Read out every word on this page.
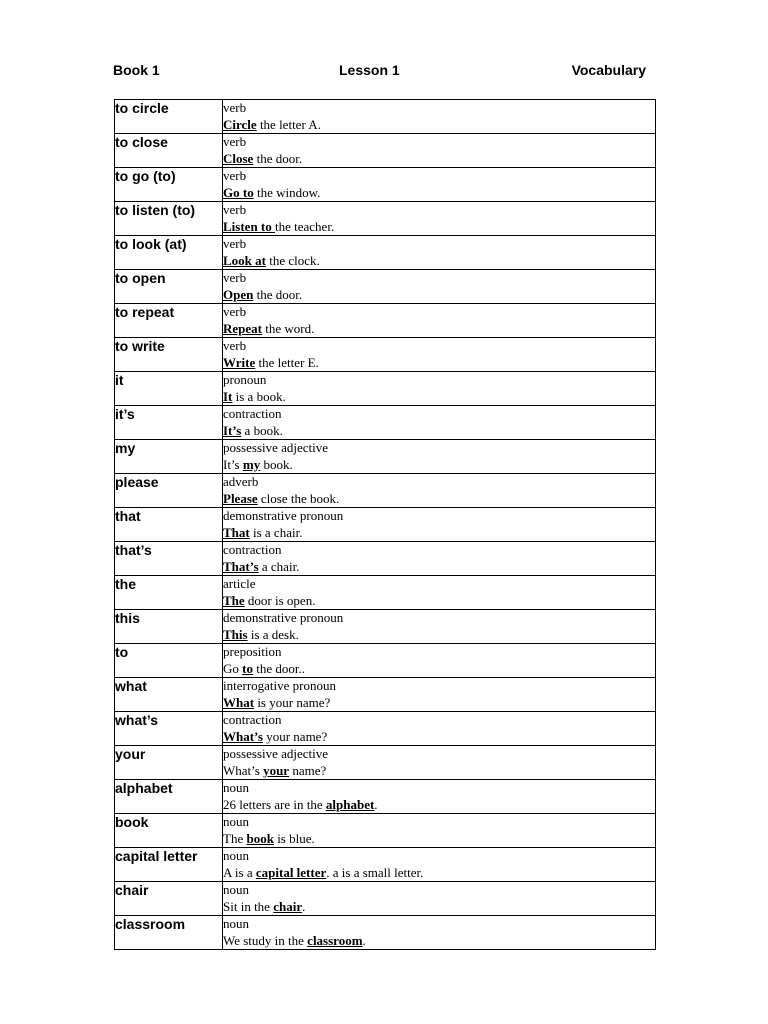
Book 1	Lesson 1	Vocabulary
to circle	verb
Circle the letter A.

to close	verb
Close the door.

to go (to)	verb
Go to the window.

to listen (to)	verb
Listen to the teacher.

to look (at)	verb
Look at the clock.

to open	verb
Open the door.

to repeat	verb
Repeat the word.

to write	verb
Write the letter E.

it	pronoun
It is a book.

it’s	contraction
It’s a book.

my	possessive adjective
It’s my book.

please	adverb
Please close the book.

that	demonstrative pronoun
That is a chair.

that’s	contraction
That’s a chair.

the	article
The door is open.

this	demonstrative pronoun
This is a desk.

to	preposition
Go to the door..

what	interrogative pronoun
What is your name?

what’s	contraction
What’s your name?

your	possessive adjective
What’s your name?

alphabet	noun
26 letters are in the alphabet.

book	noun
The book is blue.

capital letter	noun
A is a capital letter. a is a small letter.

chair	noun
Sit in the chair.

classroom	noun
We study in the classroom.
